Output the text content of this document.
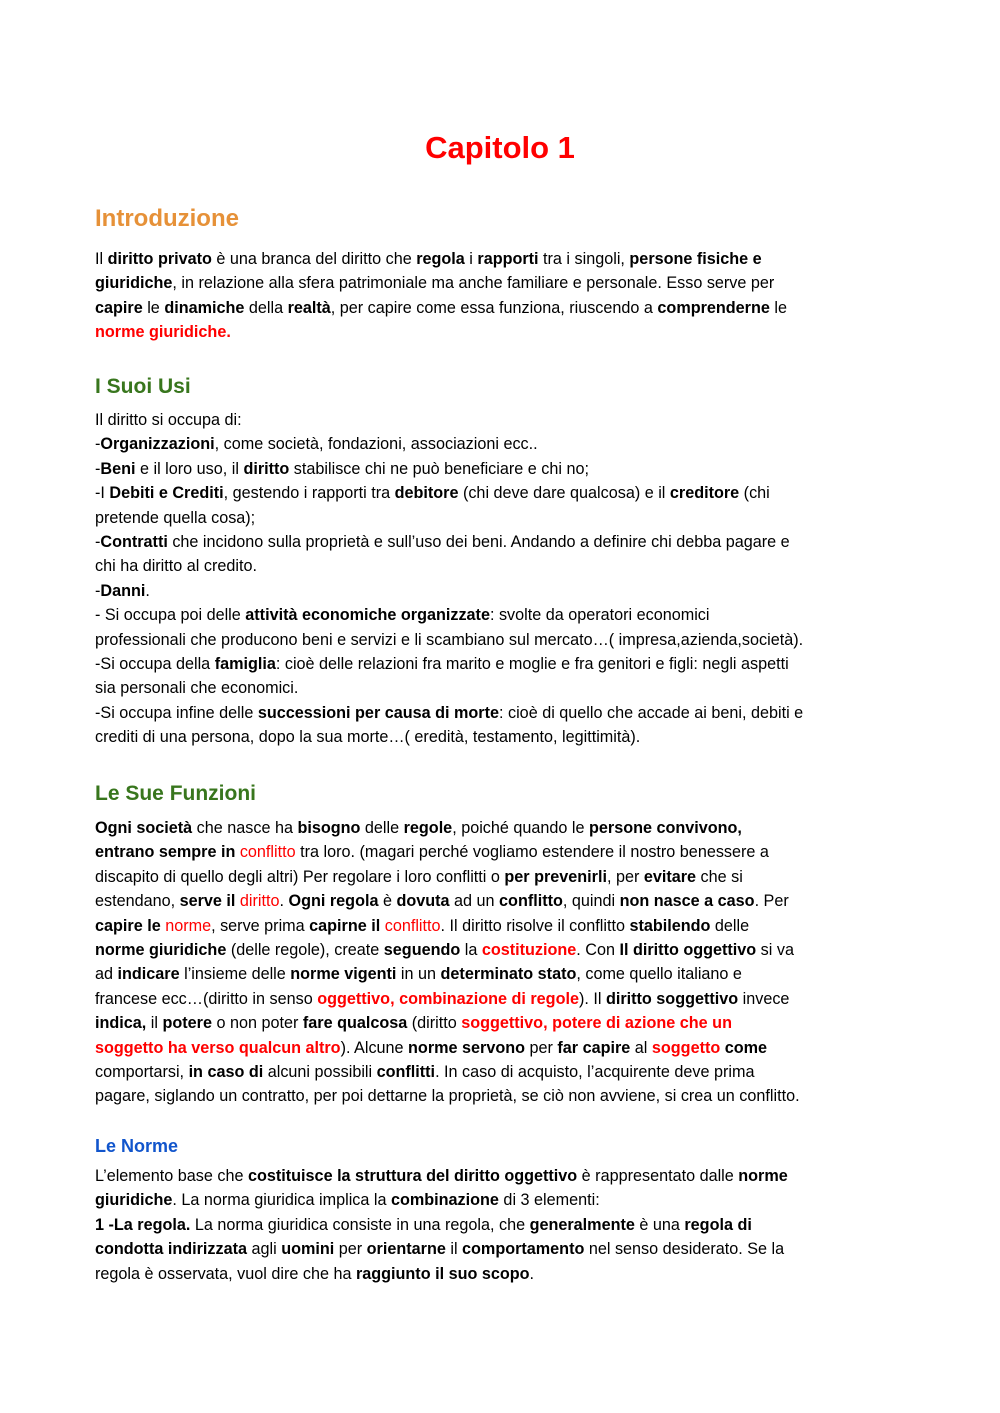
Capitolo 1
Introduzione
Il diritto privato è una branca del diritto che regola i rapporti tra i singoli, persone fisiche e
giuridiche, in relazione alla sfera patrimoniale ma anche familiare e personale. Esso serve per
capire le dinamiche della realtà, per capire come essa funziona, riuscendo a comprenderne le
norme giuridiche.
I Suoi Usi
Il diritto si occupa di:
-Organizzazioni, come società, fondazioni, associazioni ecc..
-Beni e il loro uso, il diritto stabilisce chi ne può beneficiare e chi no;
-I Debiti e Crediti, gestendo i rapporti tra debitore (chi deve dare qualcosa) e il creditore (chi
pretende quella cosa);
-Contratti che incidono sulla proprietà e sull’uso dei beni. Andando a definire chi debba pagare e
chi ha diritto al credito.
-Danni.
- Si occupa poi delle attività economiche organizzate: svolte da operatori economici
professionali che producono beni e servizi e li scambiano sul mercato…( impresa,azienda,società).
-Si occupa della famiglia: cioè delle relazioni fra marito e moglie e fra genitori e figli: negli aspetti
sia personali che economici.
-Si occupa infine delle successioni per causa di morte: cioè di quello che accade ai beni, debiti e
crediti di una persona, dopo la sua morte…( eredità, testamento, legittimità).
Le Sue Funzioni
Ogni società che nasce ha bisogno delle regole, poiché quando le persone convivono,
entrano sempre in conflitto tra loro. (magari perché vogliamo estendere il nostro benessere a
discapito di quello degli altri) Per regolare i loro conflitti o per prevenirli, per evitare che si
estendano, serve il diritto. Ogni regola è dovuta ad un conflitto, quindi non nasce a caso. Per
capire le norme, serve prima capirne il conflitto. Il diritto risolve il conflitto stabilendo delle
norme giuridiche (delle regole), create seguendo la costituzione. Con Il diritto oggettivo si va
ad indicare l’insieme delle norme vigenti in un determinato stato, come quello italiano e
francese ecc…(diritto in senso oggettivo, combinazione di regole). Il diritto soggettivo invece
indica, il potere o non poter fare qualcosa (diritto soggettivo, potere di azione che un
soggetto ha verso qualcun altro). Alcune norme servono per far capire al soggetto come
comportarsi, in caso di alcuni possibili conflitti. In caso di acquisto, l’acquirente deve prima
pagare, siglando un contratto, per poi dettarne la proprietà, se ciò non avviene, si crea un conflitto.
Le Norme
L’elemento base che costituisce la struttura del diritto oggettivo è rappresentato dalle norme
giuridiche. La norma giuridica implica la combinazione di 3 elementi:
1 -La regola. La norma giuridica consiste in una regola, che generalmente è una regola di
condotta indirizzata agli uomini per orientarne il comportamento nel senso desiderato. Se la
regola è osservata, vuol dire che ha raggiunto il suo scopo.
